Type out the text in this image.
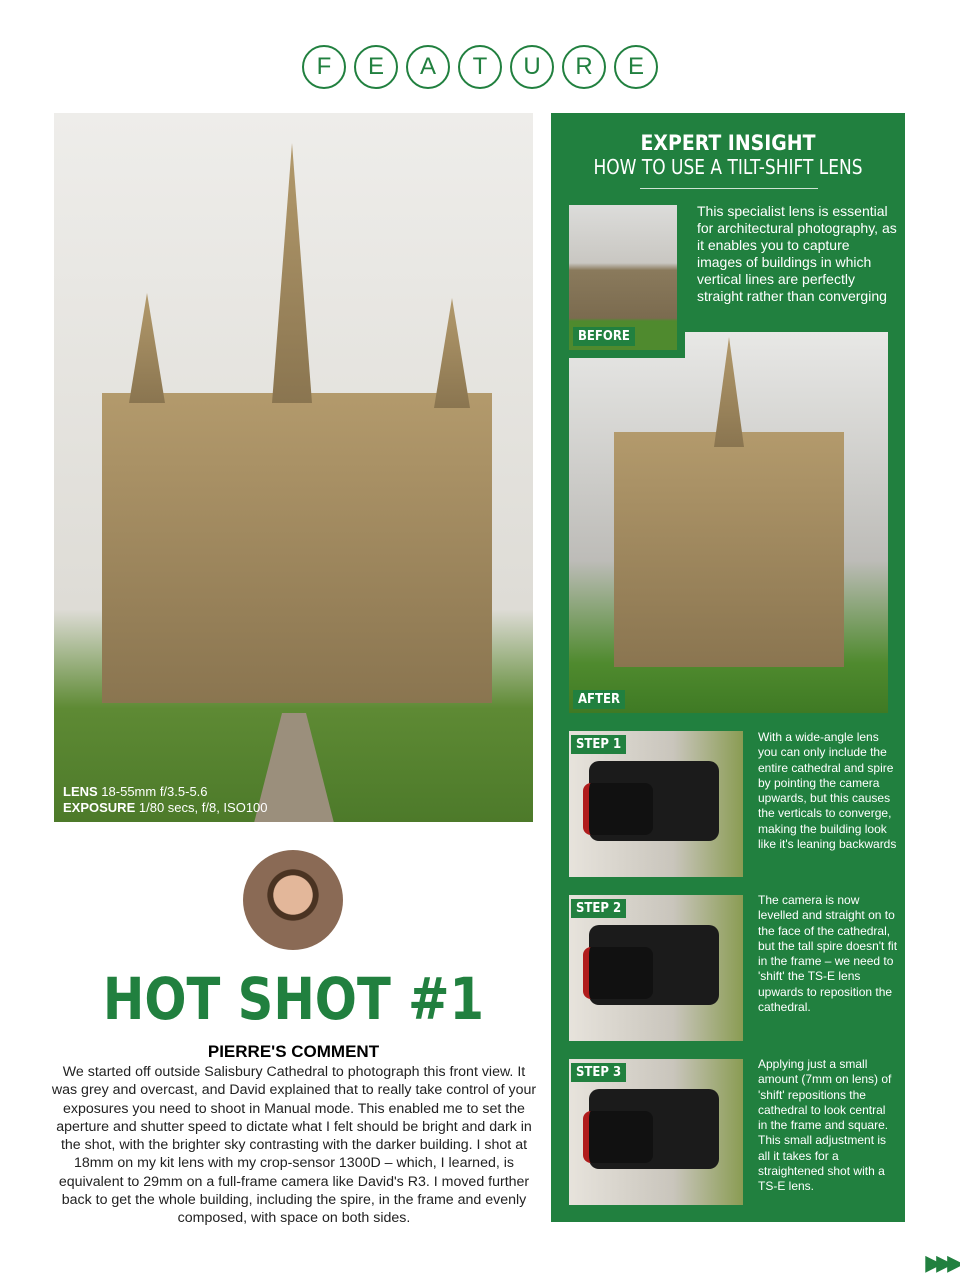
F	E	A	T	U	R	E
LENS 18-55mm f/3.5-5.6
EXPOSURE 1/80 secs, f/8, ISO100
EXPERT INSIGHT
HOW TO USE A TILT-SHIFT LENS
BEFORE
This specialist lens is essential for architectural photography, as it enables you to capture images of buildings in which vertical lines are perfectly straight rather than converging
AFTER
STEP 1	With a wide-angle lens you can only include the entire cathedral and spire by pointing the camera upwards, but this causes the verticals to converge, making the building look like it's leaning backwards
STEP 2
The camera is now levelled and straight on to the face of the cathedral, but the tall spire doesn't fit in the frame – we need to 'shift' the TS-E lens upwards to reposition the cathedral.
STEP 3
Applying just a small amount (7mm on lens) of 'shift' repositions the cathedral to look central in the frame and square. This small adjustment is all it takes for a straightened shot with a TS-E lens.
HOT SHOT #1
PIERRE'S COMMENT
We started off outside Salisbury Cathedral to photograph this front view. It was grey and overcast, and David explained that to really take control of your exposures you need to shoot in Manual mode. This enabled me to set the aperture and shutter speed to dictate what I felt should be bright and dark in the shot, with the brighter sky contrasting with the darker building. I shot at 18mm on my kit lens with my crop-sensor 1300D – which, I learned, is equivalent to 29mm on a full-frame camera like David's R3. I moved further back to get the whole building, including the spire, in the frame and evenly composed, with space on both sides.
▶▶▶
